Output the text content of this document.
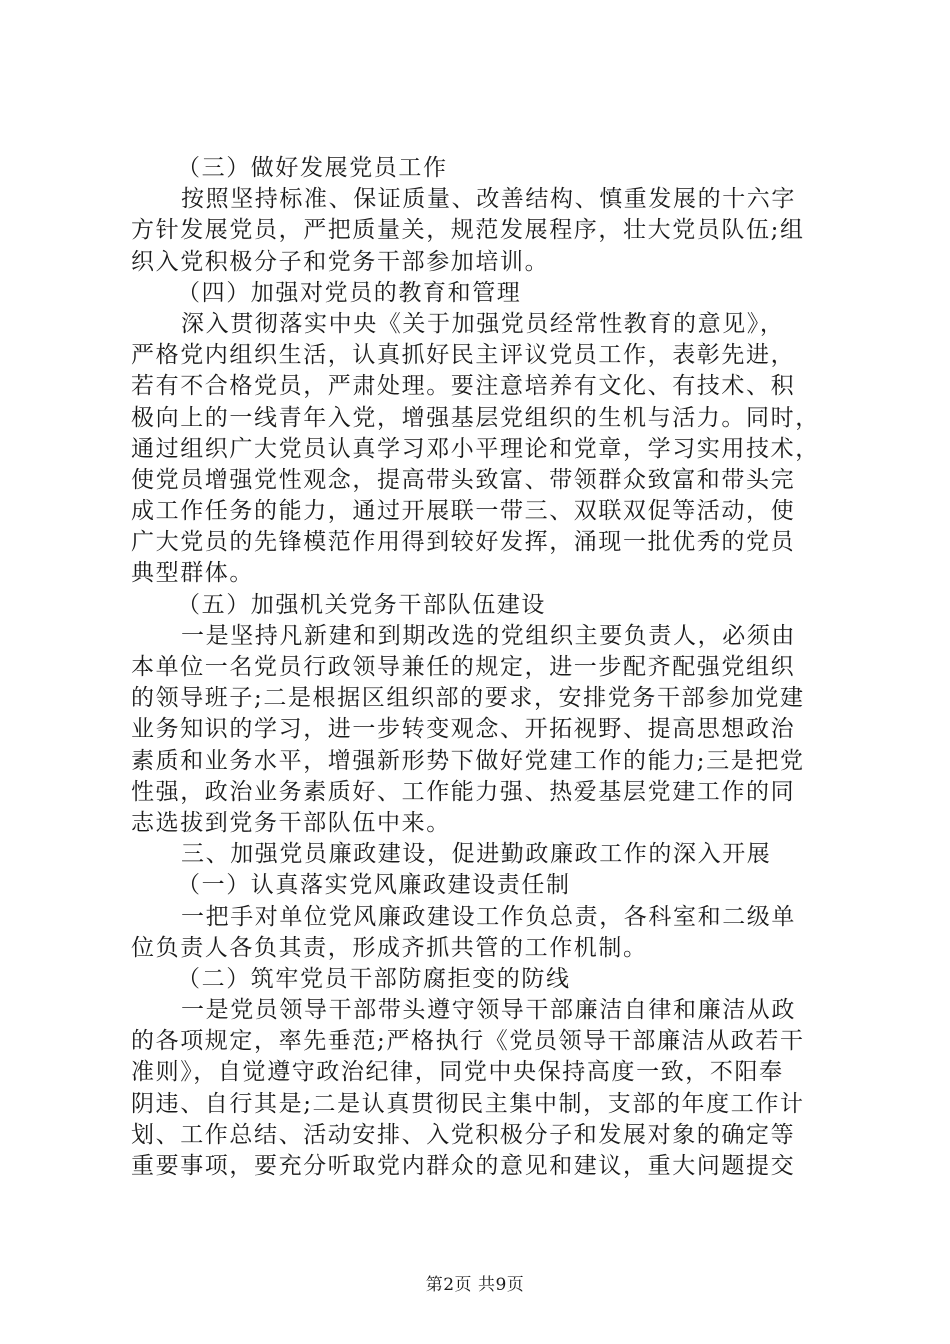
（三）做好发展党员工作
按照坚持标准、保证质量、改善结构、慎重发展的十六字
方针发展党员，严把质量关，规范发展程序，壮大党员队伍;组
织入党积极分子和党务干部参加培训。
（四）加强对党员的教育和管理
深入贯彻落实中央《关于加强党员经常性教育的意见》，
严格党内组织生活，认真抓好民主评议党员工作，表彰先进，
若有不合格党员，严肃处理。要注意培养有文化、有技术、积
极向上的一线青年入党，增强基层党组织的生机与活力。同时，
通过组织广大党员认真学习邓小平理论和党章，学习实用技术，
使党员增强党性观念，提高带头致富、带领群众致富和带头完
成工作任务的能力，通过开展联一带三、双联双促等活动，使
广大党员的先锋模范作用得到较好发挥，涌现一批优秀的党员
典型群体。
（五）加强机关党务干部队伍建设
一是坚持凡新建和到期改选的党组织主要负责人，必须由
本单位一名党员行政领导兼任的规定，进一步配齐配强党组织
的领导班子;二是根据区组织部的要求，安排党务干部参加党建
业务知识的学习，进一步转变观念、开拓视野、提高思想政治
素质和业务水平，增强新形势下做好党建工作的能力;三是把党
性强，政治业务素质好、工作能力强、热爱基层党建工作的同
志选拔到党务干部队伍中来。
三、加强党员廉政建设，促进勤政廉政工作的深入开展
（一）认真落实党风廉政建设责任制
一把手对单位党风廉政建设工作负总责，各科室和二级单
位负责人各负其责，形成齐抓共管的工作机制。
（二）筑牢党员干部防腐拒变的防线
一是党员领导干部带头遵守领导干部廉洁自律和廉洁从政
的各项规定，率先垂范;严格执行《党员领导干部廉洁从政若干
准则》，自觉遵守政治纪律，同党中央保持高度一致，不阳奉
阴违、自行其是;二是认真贯彻民主集中制，支部的年度工作计
划、工作总结、活动安排、入党积极分子和发展对象的确定等
重要事项，要充分听取党内群众的意见和建议，重大问题提交
第2页 共9页
